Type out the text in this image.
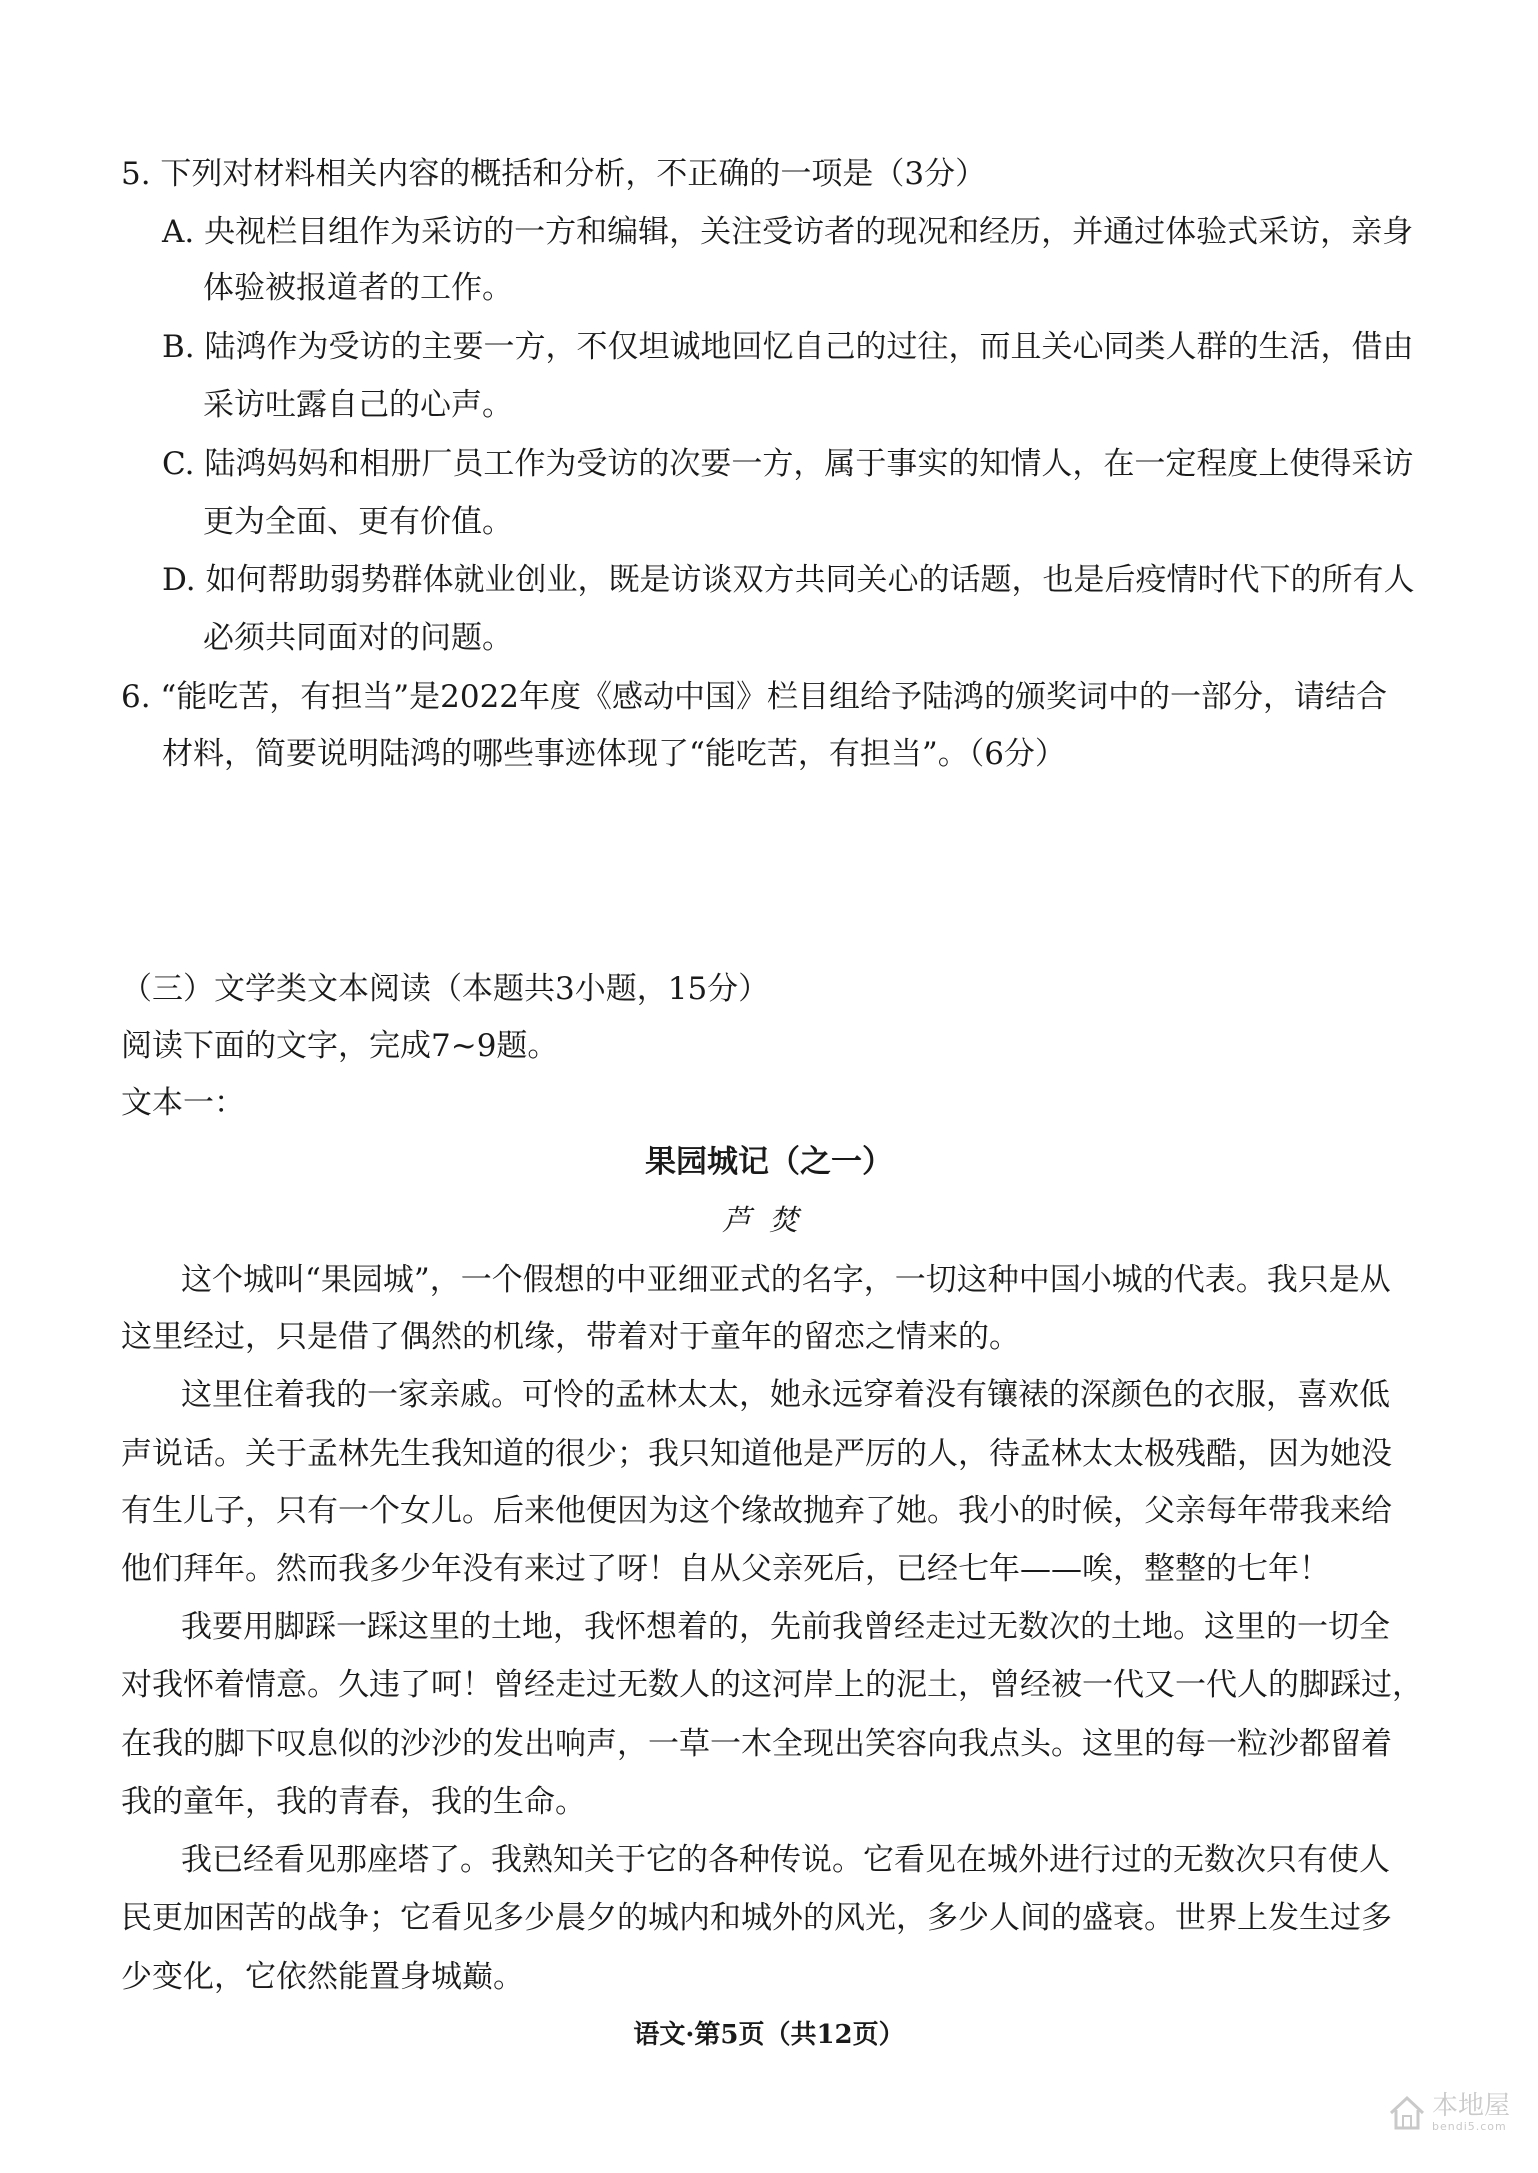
5. 下列对材料相关内容的概括和分析，不正确的一项是（3分）
A. 央视栏目组作为采访的一方和编辑，关注受访者的现况和经历，并通过体验式采访，亲身
体验被报道者的工作。
B. 陆鸿作为受访的主要一方，不仅坦诚地回忆自己的过往，而且关心同类人群的生活，借由
采访吐露自己的心声。
C. 陆鸿妈妈和相册厂员工作为受访的次要一方，属于事实的知情人，在一定程度上使得采访
更为全面、更有价值。
D. 如何帮助弱势群体就业创业，既是访谈双方共同关心的话题，也是后疫情时代下的所有人
必须共同面对的问题。
6. “能吃苦，有担当”是2022年度《感动中国》栏目组给予陆鸿的颁奖词中的一部分，请结合
材料，简要说明陆鸿的哪些事迹体现了“能吃苦，有担当”。（6分）
（三）文学类文本阅读（本题共3小题，15分）
阅读下面的文字，完成7~9题。
文本一：
果园城记（之一）
芦焚
这个城叫“果园城”，一个假想的中亚细亚式的名字，一切这种中国小城的代表。我只是从
这里经过，只是借了偶然的机缘，带着对于童年的留恋之情来的。
这里住着我的一家亲戚。可怜的孟林太太，她永远穿着没有镶裱的深颜色的衣服，喜欢低
声说话。关于孟林先生我知道的很少；我只知道他是严厉的人，待孟林太太极残酷，因为她没
有生儿子，只有一个女儿。后来他便因为这个缘故抛弃了她。我小的时候，父亲每年带我来给
他们拜年。然而我多少年没有来过了呀！自从父亲死后，已经七年——唉，整整的七年！
我要用脚踩一踩这里的土地，我怀想着的，先前我曾经走过无数次的土地。这里的一切全
对我怀着情意。久违了呵！曾经走过无数人的这河岸上的泥土，曾经被一代又一代人的脚踩过，
在我的脚下叹息似的沙沙的发出响声，一草一木全现出笑容向我点头。这里的每一粒沙都留着
我的童年，我的青春，我的生命。
我已经看见那座塔了。我熟知关于它的各种传说。它看见在城外进行过的无数次只有使人
民更加困苦的战争；它看见多少晨夕的城内和城外的风光，多少人间的盛衰。世界上发生过多
少变化，它依然能置身城巅。
语文·第5页（共12页）
本地屋
bendi5.com
